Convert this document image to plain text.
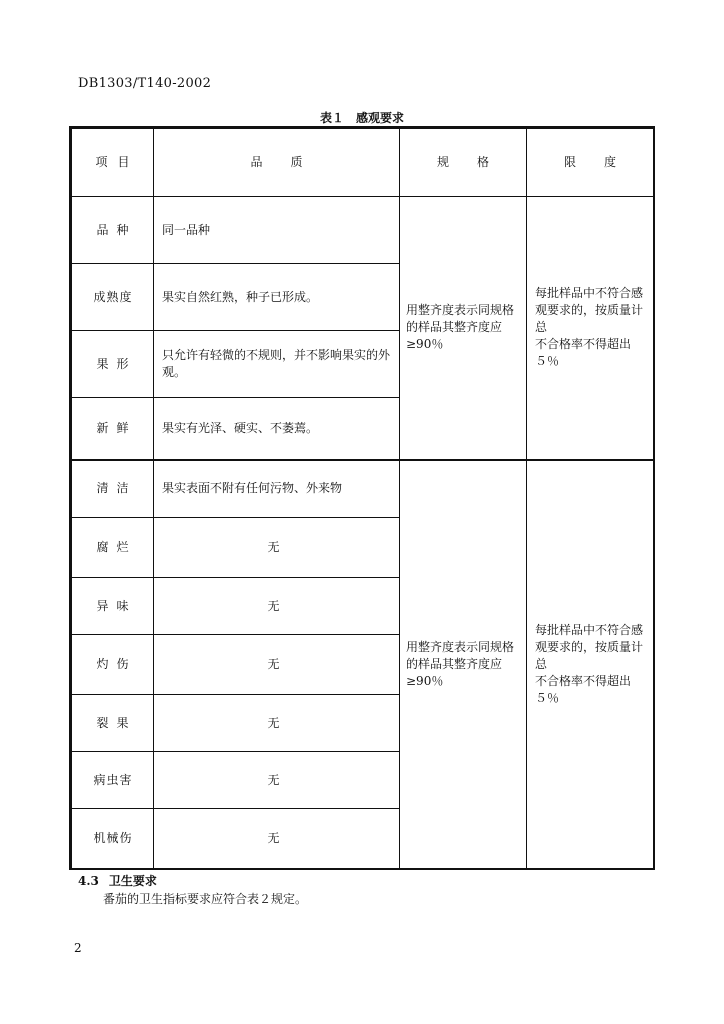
DB1303/T140-2002
表１　感观要求
项目	品质	规格	限度
品种	同一品种	用整齐度表示同规格的样品其整齐度应≥90％	每批样品中不符合感观要求的，按质量计总
不合格率不得超出５％
成熟度	果实自然红熟，种子已形成。		
果形	只允许有轻微的不规则，并不影响果实的外观。		
新鲜	果实有光泽、硬实、不萎蔫。		
清洁	果实表面不附有任何污物、外来物	用整齐度表示同规格的样品其整齐度应≥90％	每批样品中不符合感观要求的，按质量计总
不合格率不得超出５％
腐烂	无		
异味	无		
灼伤	无		
裂果	无		
病虫害	无		
机械伤	无		
4.3 卫生要求
番茄的卫生指标要求应符合表２规定。
2
